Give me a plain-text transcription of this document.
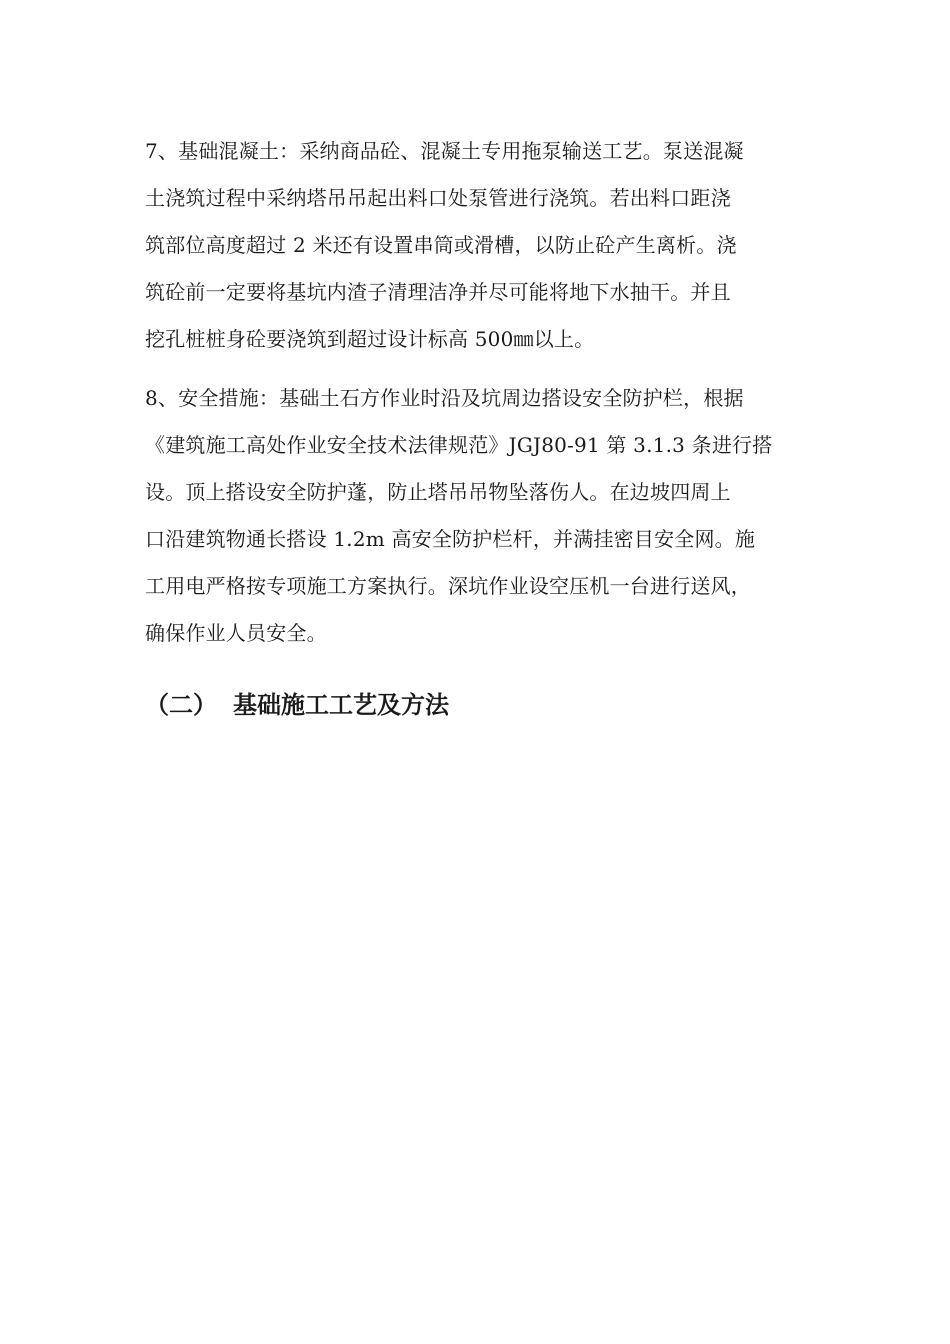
7、基础混凝土：采纳商品砼、混凝土专用拖泵输送工艺。泵送混凝
土浇筑过程中采纳塔吊吊起出料口处泵管进行浇筑。若出料口距浇
筑部位高度超过 2 米还有设置串筒或滑槽，以防止砼产生离析。浇
筑砼前一定要将基坑内渣子清理洁净并尽可能将地下水抽干。并且
挖孔桩桩身砼要浇筑到超过设计标高 500㎜以上。
8、安全措施：基础土石方作业时沿及坑周边搭设安全防护栏，根据
《建筑施工高处作业安全技术法律规范》JGJ80-91 第 3.1.3 条进行搭
设。顶上搭设安全防护蓬，防止塔吊吊物坠落伤人。在边坡四周上
口沿建筑物通长搭设 1.2m 高安全防护栏杆，并满挂密目安全网。施
工用电严格按专项施工方案执行。深坑作业设空压机一台进行送风，
确保作业人员安全。
（二） 基础施工工艺及方法
